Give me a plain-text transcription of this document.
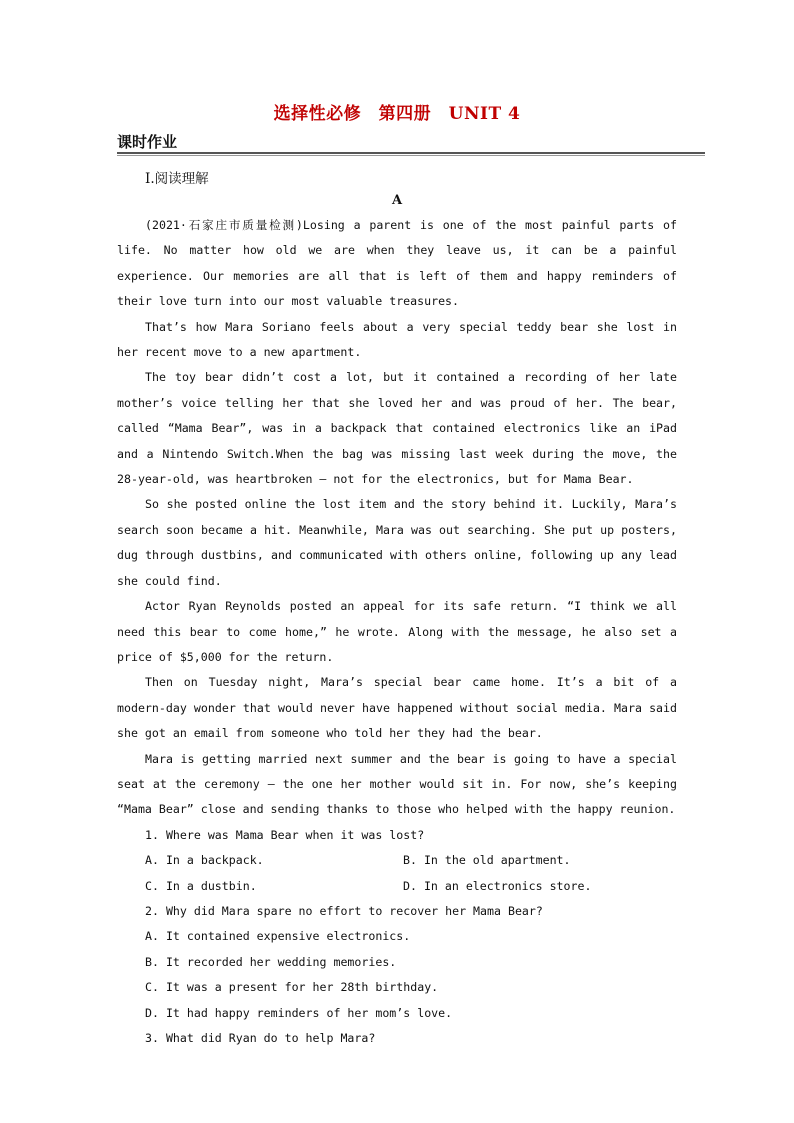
选择性必修　第四册　UNIT 4
课时作业
Ⅰ.阅读理解
A

(2021·石家庄市质量检测)Losing a parent is one of the most painful parts of life. No matter how old we are when they leave us, it can be a painful experience. Our memories are all that is left of them and happy reminders of their love turn into our most valuable treasures.

That’s how Mara Soriano feels about a very special teddy bear she lost in her recent move to a new apartment.

The toy bear didn’t cost a lot, but it contained a recording of her late mother’s voice telling her that she loved her and was proud of her. The bear, called “Mama Bear”, was in a backpack that contained electronics like an iPad and a Nintendo Switch.When the bag was missing last week during the move, the 28-year-old, was heartbroken — not for the electronics, but for Mama Bear.

So she posted online the lost item and the story behind it. Luckily, Mara’s search soon became a hit. Meanwhile, Mara was out searching. She put up posters, dug through dustbins, and communicated with others online, following up any lead she could find.

Actor Ryan Reynolds posted an appeal for its safe return. “I think we all need this bear to come home,” he wrote. Along with the message, he also set a price of $5,000 for the return.

Then on Tuesday night, Mara’s special bear came home. It’s a bit of a modern-day wonder that would never have happened without social media. Mara said she got an email from someone who told her they had the bear.

Mara is getting married next summer and the bear is going to have a special seat at the ceremony — the one her mother would sit in. For now, she’s keeping “Mama Bear” close and sending thanks to those who helped with the happy reunion.

1. Where was Mama Bear when it was lost?
A. In a backpack.	B. In the old apartment.
C. In a dustbin.	D. In an electronics store.
2. Why did Mara spare no effort to recover her Mama Bear?
A. It contained expensive electronics.
B. It recorded her wedding memories.
C. It was a present for her 28th birthday.
D. It had happy reminders of her mom’s love.
3. What did Ryan do to help Mara?
